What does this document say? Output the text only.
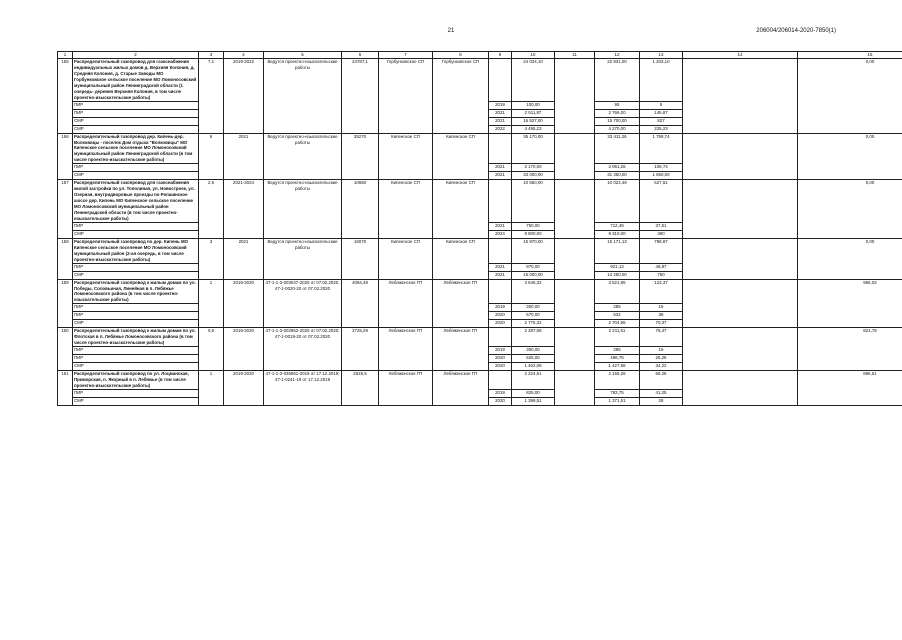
21	206004/206014-2020-7850(1)
1	2	3	4	5	6	7	8	9	10	11	12	13	14	15
155	Распределительный газопровод для газоснабжения индивидуальных жилых домов д. Верхняя Колония, д. Средняя Колония, д. Старые Заводы МО Горбунковское сельское поселение МО Ломоносовский муниципальный район Ленинградской области (1 очередь- деревня Верхняя Колония, в том числе проектно-изыскательские работы)	7,1	2019-2022	Ведутся проектно-изыскательские работы	24787,1	Горбунковское СП	Горбунковское СП		24 034,10		22 831,00	1 203,10		0,00
	ПИР							2019	100,00		95	5		
	ПИР							2021	2 911,87		2 766,00	145,87		
	СМР							2021	16 527,00		15 700,00	827		
	СМР							2022	4 495,23		4 270,00	225,23		
156	Распределительный газопровод дер. Кипень-дер. Волковицы - поселок Дом отдыха "Волковицы" МО Кипенское сельское поселение МО Ломоносовский муниципальный район Ленинградской области (в том числе проектно-изыскательские работы)	6	2021	Ведутся проектно-изыскательские работы	35270	Кипенское СП	Кипенское СП		35 170,00		33 411,26	1 758,74		0,00
	ПИР							2021	2 170,00		2 061,26	108,74		
	СМР							2021	33 000,00		31 350,00	1 650,00		
157	Распределительный газопровод для газоснабжения жилой застройки по ул. Тополиная, ул. Новостроек, ул. Озерная, внутридворовые проезды по Ропшинское шоссе дер. Кипень МО Кипенское сельское поселение МО Ломоносовский муниципальный район Ленинградской области (в том числе проектно-изыскательские работы)	2,5	2021-2024	Ведутся проектно-изыскательские работы	10650	Кипенское СП	Кипенское СП		10 550,00		10 022,49	527,51		0,00
	ПИР							2021	750,00		712,49	37,51		
	СМР							2024	9 800,00		9 310,00	490		
158	Распределительный газопровод по дер. Кипень МО Кипенское сельское поселение МО Ломоносовский муниципальный район (2-ая очередь, в том числе проектно-изыскательские работы)	3	2021	Ведутся проектно-изыскательские работы	16070	Кипенское СП	Кипенское СП		15 970,00		15 171,13	798,87		0,00
	ПИР							2021	970,00		921,13	48,87		
	СМР							2021	15 000,00		14 250,00	750		
159	Распределительный газопровод к жилым домам по ул. Победы, Соловьиная, Линейная в п. Лебяжье Ломоносовского района (в том числе проектно-изыскательские работы)	1	2019-2020	47-1-1-3-003047-2020 от 07.02.2020, 47-1-0020-20 от 07.02.2020	4084,48	Лебяженское ГП	Лебяженское ГП		3 645,32		3 521,95	123,37		966,02
	ПИР							2019	300,00		285	15		
	ПИР							2020	570,00		532	38		
	СМР							2020	2 775,32		2 704,95	70,37		
160	Распределительный газопровод к жилым домам по ул. Флотская в п. Лебяжье Ломоносовского района (в том числе проектно-изыскательские работы)	0,6	2019-2020	47-1-1-3-002952-2020 от 07.02.2020; 47-1-0019-20 от 07.02.2020	2725,29	Лебяженское ГП	Лебяженское ГП		2 287,08		2 211,61	75,47		821,78
	ПИР							2019	300,00		285	15		
	ПИР							2020	525,00		498,75	26,25		
	СМР							2020	1 462,08		1 427,86	34,22		
161	Распределительный газопровод по ул. Лоцманская, Приморская, п. Якорный в п. Лебяжье (в том числе проектно-изыскательские работы)	1	2019-2020	47-1-1-3-035961-2019 от 17.12.2019; 47-1-0241-19 от 17.12.2019	2625,5	Лебяженское ГП	Лебяженское ГП		2 224,51		2 155,26	69,25		896,51
	ПИР							2019	825,00		783,75	41,25		
	СМР							2020	1 399,51		1 371,51	28		
